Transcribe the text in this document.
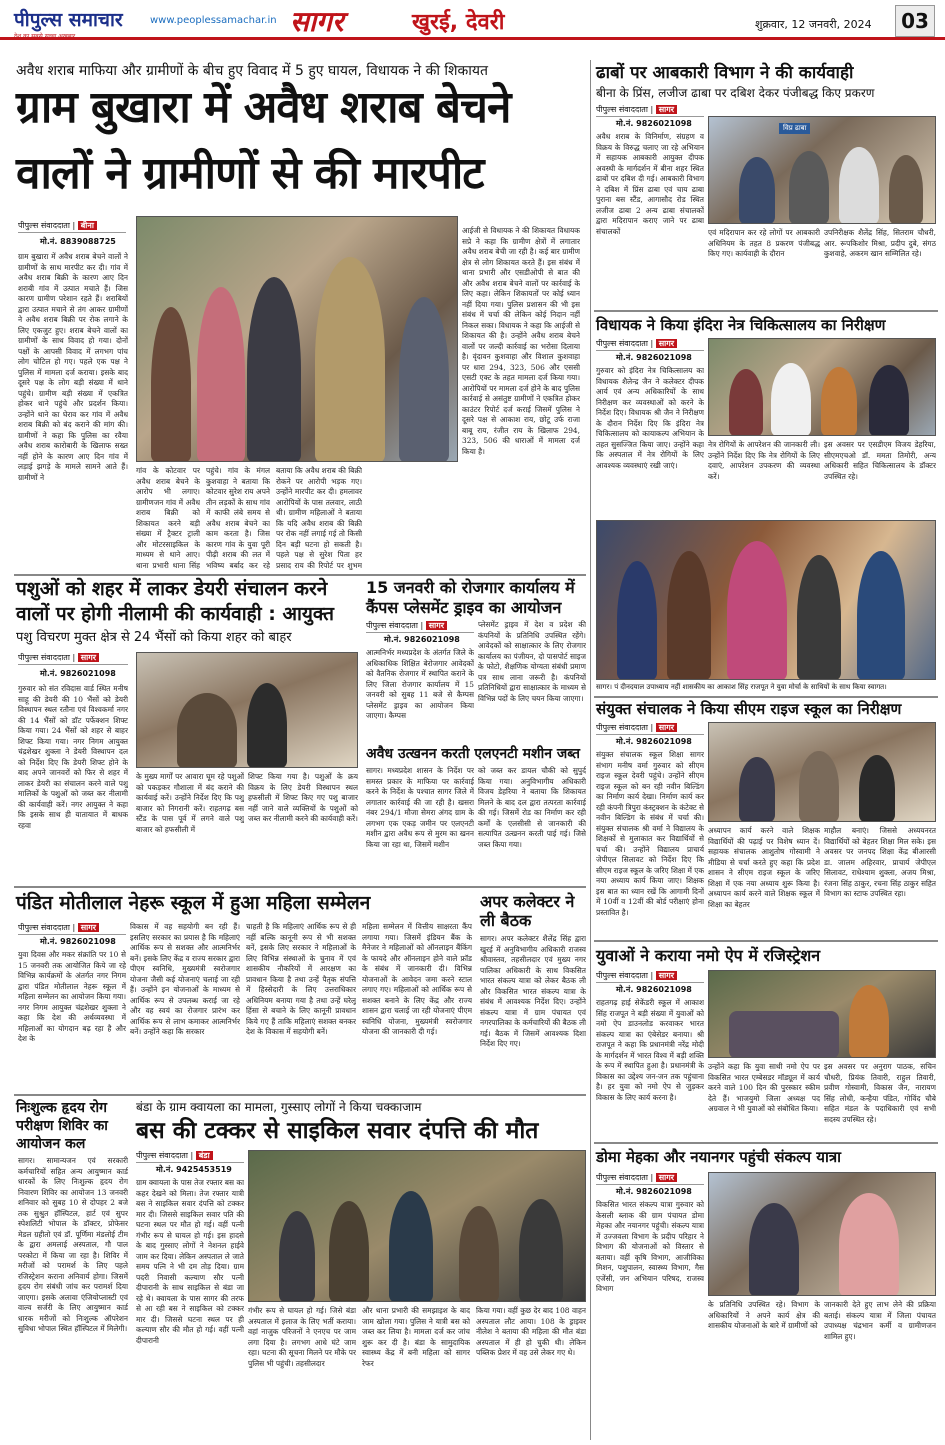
पीपुल्स समाचार
देश का सबसे सच्चा अखबार
www.peoplessamachar.in सागर	खुरई, देवरी	शुक्रवार, 12 जनवरी, 2024	03
अवैध शराब माफिया और ग्रामीणों के बीच हुए विवाद में 5 हुए घायल, विधायक ने की शिकायत
ग्राम बुखारा में अवैध शराब बेचने
वालों ने ग्रामीणों से की मारपीट
पीपुल्स संवाददाता | बीना
मो.नं. 8839088725
ग्राम बुखारा में अवैध शराब बेचने वालों ने ग्रामीणों के साथ मारपीट कर दी। गांव में अवैध शराब बिक्री के कारण आए दिन शराबी गांव में उत्पात मचाते हैं। जिस कारण ग्रामीण परेशान रहते हैं। शराबियों द्वारा उत्पात मचाने से तंग आकर ग्रामीणों ने अवैध शराब बिक्री पर रोक लगाने के लिए एकजुट हुए। शराब बेचने वालों का ग्रामीणों के साथ विवाद हो गया। दोनों पक्षों के आपसी विवाद में लगभग पांच लोग चोटिल हो गए। पहले एक पक्ष ने पुलिस में मामला दर्ज कराया। इसके बाद दूसरे पक्ष के लोग बड़ी संख्या में थाने पहुंचे। ग्रामीण बड़ी संख्या में एकत्रित होकर थाने पहुंचे और प्रदर्शन किया। उन्होंने थाने का घेराव कर गांव में अवैध शराब बिक्री को बंद कराने की मांग की। ग्रामीणों ने कहा कि पुलिस का रवैया अवैध शराब कारोबारी के खिलाफ सख्त नहीं होने के कारण आए दिन गांव में लड़ाई झगड़े के मामले सामने आते हैं। ग्रामीणों ने
गांव के कोटवार पर अवैध शराब बेचने के आरोप भी लगाए। ग्रामीणजन गांव में अवैध शराब बिक्री को शिकायत करने बड़ी संख्या में ट्रैक्टर ट्राली और मोटरसाइकिल के माध्यम से थाने आए। थाना प्रभारी थाना सिंह
पहुंचे। गांव के मंगल कुशवाहा ने बताया कि कोटवार सुरेश राय अपने तीन लड़कों के साथ गांव में काफी लंबे समय से अवैध शराब बेचने का काम करता है। जिस कारण गांव के युवा पूरी पीढ़ी शराब की लत में भविष्य बर्बाद कर रहे
बताया कि अवैध शराब की बिक्री रोकने पर आरोपी भड़क गए। उन्होंने मारपीट कर दी। हमलावर आरोपियों के पास तलवार, लाठी थी। ग्रामीण महिलाओं ने बताया कि यदि अवैध शराब की बिक्री पर रोक नहीं लगाई गई तो किसी दिन बड़ी घटना हो सकती है। पहले पक्ष से सुरेश पिता हर प्रसाद राय की रिपोर्ट पर शुभम
आईजी से विधायक ने की शिकायत विधायक सप्रे ने कहा कि ग्रामीण क्षेत्रों में लगातार अवैध शराब बेची जा रही है। कई बार ग्रामीण क्षेत्र से लोग शिकायत करते हैं। इस संबंध में थाना प्रभारी और एसडीओपी से बात की और अवैध शराब बेचने वालों पर कार्रवाई के लिए कहा। लेकिन शिकायतों पर कोई ध्यान नहीं दिया गया। पुलिस प्रशासन की भी इस संबंध में चर्चा की लेकिन कोई निदान नहीं निकल सका। विधायक ने कहा कि आईजी से शिकायत की है। उन्होंने अवैध शराब बेचने वालों पर जल्दी कार्रवाई का भरोसा दिलाया है। वृंदावन कुशवाहा और विशाल कुशवाहा पर धारा 294, 323, 506 और एससी एसटी एक्ट के तहत मामला दर्ज किया गया। आरोपियों पर मामला दर्ज होने के बाद पुलिस कार्रवाई से असंतुष्ट ग्रामीणों ने एकत्रित होकर काउंटर रिपोर्ट दर्ज कराई जिसमें पुलिस ने दूसरे पक्ष से आकाश राय, छोटू उर्फ राजा बाबू राय, रंजीत राय के खिलाफ 294, 323, 506 की धाराओं में मामला दर्ज किया है।
पशुओं को शहर में लाकर डेयरी संचालन करने
वालों पर होगी नीलामी की कार्यवाही : आयुक्त
पशु विचरण मुक्त क्षेत्र से 24 भैंसों को किया शहर को बाहर
पीपुल्स संवाददाता | सागर
मो.नं. 9826021098
गुरुवार को संत रविदास वार्ड स्थित मनीष साहू की डेयरी की 10 भैंसों को डेयरी विस्थापन स्थल रतौना एवं विश्वकर्मा नगर की 14 भैंसों को डॉट पर्फेक्शन शिफ्ट किया गया। 24 भैंसों को शहर से बाहर शिफ्ट किया गया। नगर निगम आयुक्त चंद्रशेखर शुक्ला ने डेयरी विस्थापन दल को निर्देश दिए कि डेयरी शिफ्ट होने के बाद अपने जानवरों को फिर से शहर में लाकर डेयरी का संचालन करने वाले पशु मालिकों के पशुओं को जब्त कर नीलामी की कार्यवाही करें। नगर आयुक्त ने कहा कि इसके साथ ही यातायात में बाधक रहवा
के मुख्य मार्गों पर आवारा घूम रहे पशुओं को पकड़कर गौशाला में बंद कराने की कार्यवाई करें। उन्होंने निर्देश दिए कि पशु बाजार को निगरानी करें। राहतगढ़ बस स्टैंड के पास पूर्व में लगने वाले पशु बाजार को हफसीली में
शिफ्ट किया गया है। पशुओं के क्रय विक्रय के लिए डेयरी विस्थापन स्थल हफसीली में शिफ्ट किए गए पशु बाजार नहीं जाने वाले व्यक्तियों के पशुओं को जब्त कर नीलामी करने की कार्यवाही करें।
15 जनवरी को रोजगार कार्यालय में
कैंपस प्लेसमेंट ड्राइव का आयोजन
पीपुल्स संवाददाता | सागर
मो.नं. 9826021098
आत्मनिर्भर मध्यप्रदेश के अंतर्गत जिले के अधिकाधिक शिक्षित बेरोजगार आवेदकों को वैतनिक रोजगार में स्थापित कराने के लिए जिला रोजगार कार्यालय में 15 जनवरी को सुबह 11 बजे से कैम्पस प्लेसमेंट ड्राइव का आयोजन किया जाएगा। कैम्पस
प्लेसमेंट ड्राइव में देश व प्रदेश की कंपनियों के प्रतिनिधि उपस्थित रहेंगे। आवेदकों को साक्षात्कार के लिए रोजगार कार्यालय का पंजीयन, दो पासपोर्ट साइज के फोटो, शैक्षणिक योग्यता संबंधी प्रमाण पत्र साथ लाना जरूरी है। कंपनियों प्रतिनिधियों द्वारा साक्षात्कार के माध्यम से विभिन्न पदों के लिए चयन किया जाएगा।
अवैध उत्खनन करती एलएनटी मशीन जब्त
सागर। मध्यप्रदेश शासन के निर्देश पर समस्त प्रकार के माफिया पर कार्रवाई करने के निर्देश के पश्चात सागर जिले में लगातार कार्रवाई की जा रही है। खसरा नंबर 294/1 मौजा सेमरा अंगद ग्राम के लगभग एक एकड़ जमीन पर एलएनटी मशीन द्वारा अवैध रूप से मुरम का खनन किया जा रहा था, जिसमें मशीन
को जब्त कर डायल चौकी को सुपुर्द किया गया। अनुविभागीय अधिकारी विजय डेहरिया ने बताया कि शिकायत मिलने के बाद दल द्वारा तत्परता कार्रवाई की गई। जिसमें रोड का निर्माण कर रही कर्मों के एलसीसी से जानकारी की सत्यापित उत्खनन करती पाई गई। जिसे जब्त किया गया।
पंडित मोतीलाल नेहरू स्कूल में हुआ महिला सम्मेलन
पीपुल्स संवाददाता | सागर
मो.नं. 9826021098
युवा दिवस और मकर संक्रांति पर 10 से 15 जनवरी तक आयोजित किये जा रहे विभिन्न कार्यक्रमों के अंतर्गत नगर निगम द्वारा पंडित मोतीलाल नेहरू स्कूल में महिला सम्मेलन का आयोजन किया गया। नगर निगम आयुक्त चंद्रशेखर शुक्ला ने कहा कि देश की अर्थव्यवस्था में महिलाओं का योगदान बढ़ रहा है और देश के
विकास में वह सहयोगी बन रही हैं। इसलिए सरकार का प्रयास है कि महिलाएं आर्थिक रूप से सशक्त और आत्मनिर्भर बनें। इसके लिए केंद्र व राज्य सरकार द्वारा पीएम स्वनिधि, मुख्यमंत्री स्वरोजगार योजना जैसी कई योजनाएं चलाई जा रही हैं। उन्होंने इन योजनाओं के माध्यम से आर्थिक रूप से उपलब्ध कराई जा रहे और वह स्वयं का रोजगार प्रारंभ कर आर्थिक रूप से लाभ कमाकर आत्मनिर्भर बनें। उन्होंने कहा कि सरकार
चाहती है कि महिलाएं आर्थिक रूप से ही नहीं बल्कि कानूनी रूप से भी सशक्त बनें, इसके लिए सरकार ने महिलाओं के लिए विभिन्न संस्थाओं के चुनाव में एवं शासकीय नौकरियों में आरक्षण का प्रावधान किया है तथा उन्हें पैतृक संपत्ति में हिस्सेदारी के लिए उत्तराधिकार अधिनियम बनाया गया है तथा उन्हें घरेलू हिंसा से बचाने के लिए कानूनी प्रावधान किये गए हैं ताकि महिलाएं सशक्त बनकर देश के विकास में सहयोगी बनें।
महिला सम्मेलन में वित्तीय साक्षरता कैंप लगाया गया। जिसमें इंडियन बैंक के मैनेजर ने महिलाओं को ऑनलाइन बैंकिंग के फायदे और ऑनलाइन होने वाले फ्रॉड के संबंध में जानकारी दी। विभिन्न योजनाओं के आवेदन जमा करने स्टाल लगाए गए। महिलाओं को आर्थिक रूप से सशक्त बनाने के लिए केंद्र और राज्य शासन द्वारा चलाई जा रही योजनाएं पीएम स्वनिधि योजना, मुख्यमंत्री स्वरोजगार योजना की जानकारी दी गई।
अपर कलेक्टर ने ली बैठक
सागर। अपर कलेक्टर शैलेंद्र सिंह द्वारा खुरई में अनुविभागीय अधिकारी राजस्व श्रीवास्तव, तहसीलदार एवं मुख्य नगर पालिका अधिकारी के साथ विकसित भारत संकल्प यात्रा को लेकर बैठक ली और विकसित भारत संकल्प यात्रा के संबंध में आवश्यक निर्देश दिए। उन्होंने संकल्प यात्रा में ग्राम पंचायत एवं नगरपालिका के कर्मचारियों की बैठक ली गई। बैठक में जिसमें आवश्यक दिशा निर्देश दिए गए।
निःशुल्क हृदय रोग
परीक्षण शिविर का
आयोजन कल
सागर। सामान्यजन एवं सरकारी कर्मचारियों सहित अन्य आयुष्मान कार्ड धारकों के लिए निःशुल्क हृदय रोग निवारण शिविर का आयोजन 13 जनवरी शनिवार को सुबह 10 से दोपहर 2 बजे तक सुश्रुत हॉस्पिटल, हार्ट एवं सुपर स्पेशलिटी भोपाल के डॉक्टर, प्रोफेसर मेडल ग्रहीतो एवं डॉ. पूर्णिमा मंडलोई टीम के द्वारा अमलाई अस्पताल, गौ पाल परकोटा में किया जा रहा है। शिविर में मरीजों को परामर्श के लिए पहले रजिस्ट्रेशन कराना अनिवार्य होगा। जिसमें हृदय रोग संबंधी जांच कर परामर्श दिया जाएगा। इसके अलावा एंजियोप्लास्टी एवं वाल्व सर्जरी के लिए आयुष्मान कार्ड धारक मरीजों को निःशुल्क ऑपरेशन सुविधा भोपाल स्थित हॉस्पिटल में मिलेगी।
बंडा के ग्राम क्वायला का मामला, गुस्साए लोगों ने किया चक्काजाम
बस की टक्कर से साइकिल सवार दंपत्ति की मौत
पीपुल्स संवाददाता | बंडा
मो.नं. 9425453519
ग्राम क्वायला के पास तेज रफ्तार बस का कहर देखने को मिला। तेज रफ्तार यात्री बस ने साइकिल सवार दंपत्ति को टक्कर मार दी। जिससे साइकिल सवार पति की घटना स्थल पर मौत हो गई। वहीं पत्नी गंभीर रूप से घायल हो गई। इस हादसे के बाद गुस्साए लोगों ने नेशनल हाईवे जाम कर दिया। लेकिन अस्पताल ले जाते समय पत्नि ने भी दम तोड़ दिया। ग्राम पदरी निवासी कल्याण सौर पत्नी दीपारानी के साथ साइकिल से बंडा जा रहे थे। क्वायला के पास सागर की तरफ से आ रही बस ने साइकिल को टक्कर मार दी। जिससे घटना स्थल पर ही कल्याण सौर की मौत हो गई। वहीं पत्नी दीपारानी
गंभीर रूप से घायल हो गई। जिसे बंडा अस्पताल में इलाज के लिए भर्ती कराया। वहां नाजुक परिजनों ने एनएच पर जाम लगा दिया है। लगभग आधे घंटे जाम रहा। घटना की सूचना मिलने पर मौके पर पुलिस भी पहुंची। तहसीलदार
और थाना प्रभारी की समझाइश के बाद जाम खोला गया। पुलिस ने यात्री बस को जब्त कर लिया है। मामला दर्ज कर जांच शुरू कर दी है। बंडा के सामुदायिक स्वास्थ्य केंद्र में बनी महिला को सागर रेफर
किया गया। वहीं कुछ देर बाद 108 वाहन अस्पताल लौट आया। 108 के ड्राइवर नीलेश ने बताया की महिला की मौत बंडा अस्पताल में ही हो चुकी थी। लेकिन पब्लिक प्रेशर में वह उसे लेकर गए थे।
ढाबों पर आबकारी विभाग ने की कार्यवाही
बीना के प्रिंस, लजीज ढाबा पर दबिश देकर पंजीबद्ध किए प्रकरण
पीपुल्स संवाददाता | सागर
मो.नं. 9826021098
अवैध शराब के विनिर्माण, संग्रहण व विक्रय के विरुद्ध चलाए जा रहे अभियान में सहायक आबकारी आयुक्त दीपक अवस्थी के मार्गदर्शन में बीना शहर स्थित ढाबों पर दबिश दी गई। आबकारी विभाग ने दबिश में प्रिंस ढाबा एवं चाय ढाबा पुराना बस स्टैंड, आगासौद रोड स्थित लजीज ढाबा 2 अन्य ढाबा संचालकों द्वारा मदिरापान कराए जाने पर ढाबा संचालकों
विप्र ढाबा
एवं मदिरापान कर रहे लोगों पर आबकारी अधिनियम के तहत 8 प्रकरण पंजीबद्ध किए गए। कार्यवाही के दौरान
उपनिरीक्षक शैलेंद्र सिंह, सितराम चौधरी, आर. रूपकिशोर मिश्रा, प्रदीप दुबे, संगठ कुशवाहे, अकरम खान सम्मिलित रहे।
विधायक ने किया इंदिरा नेत्र चिकित्सालय का निरीक्षण
पीपुल्स संवाददाता | सागर
मो.नं. 9826021098
गुरुवार को इंदिरा नेत्र चिकित्सालय का विधायक शैलेन्द्र जैन ने कलेक्टर दीपक आर्य एवं अन्य अधिकारियों के साथ निरीक्षण कर व्यवस्थाओं को करने के निर्देश दिए। विधायक श्री जैन ने निरीक्षण के दौरान निर्देश दिए कि इंदिरा नेत्र चिकित्सालय को कायाकल्प अभियान के तहत सुसज्जित किया जाए। उन्होंने कहा कि अस्पताल में नेत्र रोगियों के लिए आवश्यक व्यवस्थाएं रखी जाएं।
नेत्र रोगियों के आपरेशन की जानकारी ली। उन्होंने निर्देश दिए कि नेत्र रोगियों के लिए दवाएं, आपरेशन उपकरण की व्यवस्था करें।
इस अवसर पर एसडीएम विजय डेहरिया, सीएमएचओ डॉ. ममता तिमोरी, अन्य अधिकारी सहित चिकित्सालय के डॉक्टर उपस्थित रहे।
सागर। पं दीनदयाल उपाध्याय नहीं शासकीय का आकाश सिंह राजपूत ने युवा मोर्चा के साथियों के साथ किया स्वागत।
संयुक्त संचालक ने किया सीएम राइज स्कूल का निरीक्षण
पीपुल्स संवाददाता | सागर
मो.नं. 9826021098
संयुक्त संचालक स्कूल शिक्षा सागर संभाग मनीष वर्मा गुरुवार को सीएम राइज स्कूल देवरी पहुंचे। उन्होंने सीएम राइज स्कूल को बन रही नवीन बिल्डिंग का निर्माण कार्य देखा। निर्माण कार्य कर रही कंपनी त्रिपुरा कंस्ट्रक्शन के कंटेक्ट से नवीन बिल्डिंग के संबंध में चर्चा की। संयुक्त संचालक श्री वर्मा ने विद्यालय के शिक्षकों से मुलाकात कर विद्यार्थियों से चर्चा की। उन्होंने विद्यालय प्राचार्य जेपीएल सिलावट को निर्देश दिए कि सीएम राइज स्कूल के जरिए शिक्षा में एक नया अध्याय कार्य किया जाए। शिक्षक इस बात का ध्यान रखें कि आगामी दिनों में 10वीं व 12वीं की बोर्ड परीक्षाएं होना प्रस्तावित है।
अध्यापन कार्य करने वाले शिक्षक विद्यार्थियों की पढ़ाई पर विशेष ध्यान दें। सहायक संचालक आशुतोष गोस्वामी ने मीडिया से चर्चा करते हुए कहा कि प्रदेश शासन ने सीएम राइज स्कूल के जरिए शिक्षा में एक नया अध्याय शुरू किया है। अध्यापन कार्य करने वाले शिक्षक स्कूल में शिक्षा का बेहतर
माहौल बनाएं। जिससे अध्ययनरत विद्यार्थियों को बेहतर शिक्षा मिल सके। इस अवसर पर जनपद शिक्षा केंद्र बीआरसी डा. जालम अहिरवार, प्राचार्य जेपीएल सिलावट, राधेश्याम शुक्ला, अजय मिश्रा, रंजना सिंह ठाकुर, रचना सिंह ठाकुर सहित विभाग का स्टाफ उपस्थित रहा।
युवाओं ने कराया नमो ऐप में रजिस्ट्रेशन
पीपुल्स संवाददाता | सागर
मो.नं. 9826021098
राहतगढ़ हाई सेकेंडरी स्कूल में आकाश सिंह राजपूत ने बड़ी संख्या में युवाओं को नमो ऐप डाउनलोड करवाकर भारत संकल्प यात्रा का एंबेसेडर बनाया। श्री राजपूत ने कहा कि प्रधानमंत्री नरेंद्र मोदी के मार्गदर्शन में भारत विश्व में बड़ी शक्ति के रूप में स्थापित हुआ है। प्रधानमंत्री के विकास का उद्देश्य जन-जन तक पहुंचाना है। हर युवा को नमो ऐप से जुड़कर विकास के लिए कार्य करना है।
उन्होंने कहा कि युवा साथी नमो ऐप पर विकसित भारत एम्बेसडर मॉड्यूल में कार्य करने वाले 100 दिन की पुरस्कार स्कीम देते हैं। भाजयुमो जिला अध्यक्ष पद अग्रवाल ने भी युवाओं को संबोधित किया।
इस अवसर पर अनुराग पाठक, सचिन चौधरी, प्रियंक तिवारी, राहुल तिवारी, प्रवीण गोस्वामी, विकास जैन, नारायण सिंह लोधी, कन्हैया पंडित, गोविंद चौबे सहित मंडल के पदाधिकारी एवं सभी सदस्य उपस्थित रहे।
डोमा मेहका और नयानगर पहुंची संकल्प यात्रा
पीपुल्स संवाददाता | सागर
मो.नं. 9826021098
विकसित भारत संकल्प यात्रा गुरुवार को केसली ब्लाक की ग्राम पंचायत डोमा मेहका और नयानगर पहुंची। संकल्प यात्रा में उज्जवला विभाग के प्रदीप परिहार ने विभाग की योजनाओं को विस्तार से बताया। वहीं कृषि विभाग, आजीविका मिशन, पशुपालन, स्वास्थ्य विभाग, गैस एजेंसी, जन अभियान परिषद, राजस्व विभाग
के प्रतिनिधि उपस्थित रहे। विभाग के अधिकारियों ने अपने कार्य क्षेत्र की शासकीय योजनाओं के बारे में ग्रामीणों को
जानकारी देते हुए लाभ लेने की प्रक्रिया बताई। संकल्प यात्रा में जिला पंचायत उपाध्यक्ष चंद्रभान कर्मी व ग्रामीणजन शामिल हुए।
